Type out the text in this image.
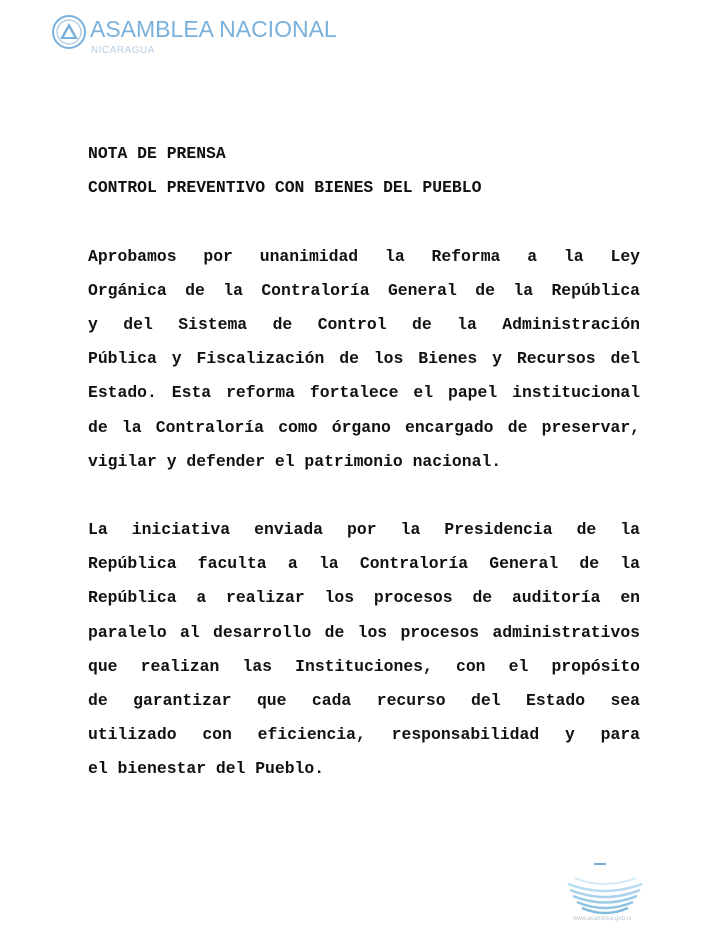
ASAMBLEA NACIONAL
NICARAGUA
NOTA DE PRENSA
CONTROL PREVENTIVO CON BIENES DEL PUEBLO
Aprobamos por unanimidad la Reforma a la Ley
Orgánica de la Contraloría General de la República
y del Sistema de Control de la Administración
Pública y Fiscalización de los Bienes y Recursos del
Estado. Esta reforma fortalece el papel institucional
de la Contraloría como órgano encargado de preservar,
vigilar y defender el patrimonio nacional.
La iniciativa enviada por la Presidencia de la
República faculta a la Contraloría General de la
República a realizar los procesos de auditoría en
paralelo al desarrollo de los procesos administrativos
que realizan las Instituciones, con el propósito
de garantizar que cada recurso del Estado sea
utilizado con eficiencia, responsabilidad y para
el bienestar del Pueblo.
www.asamblea.gob.ni
